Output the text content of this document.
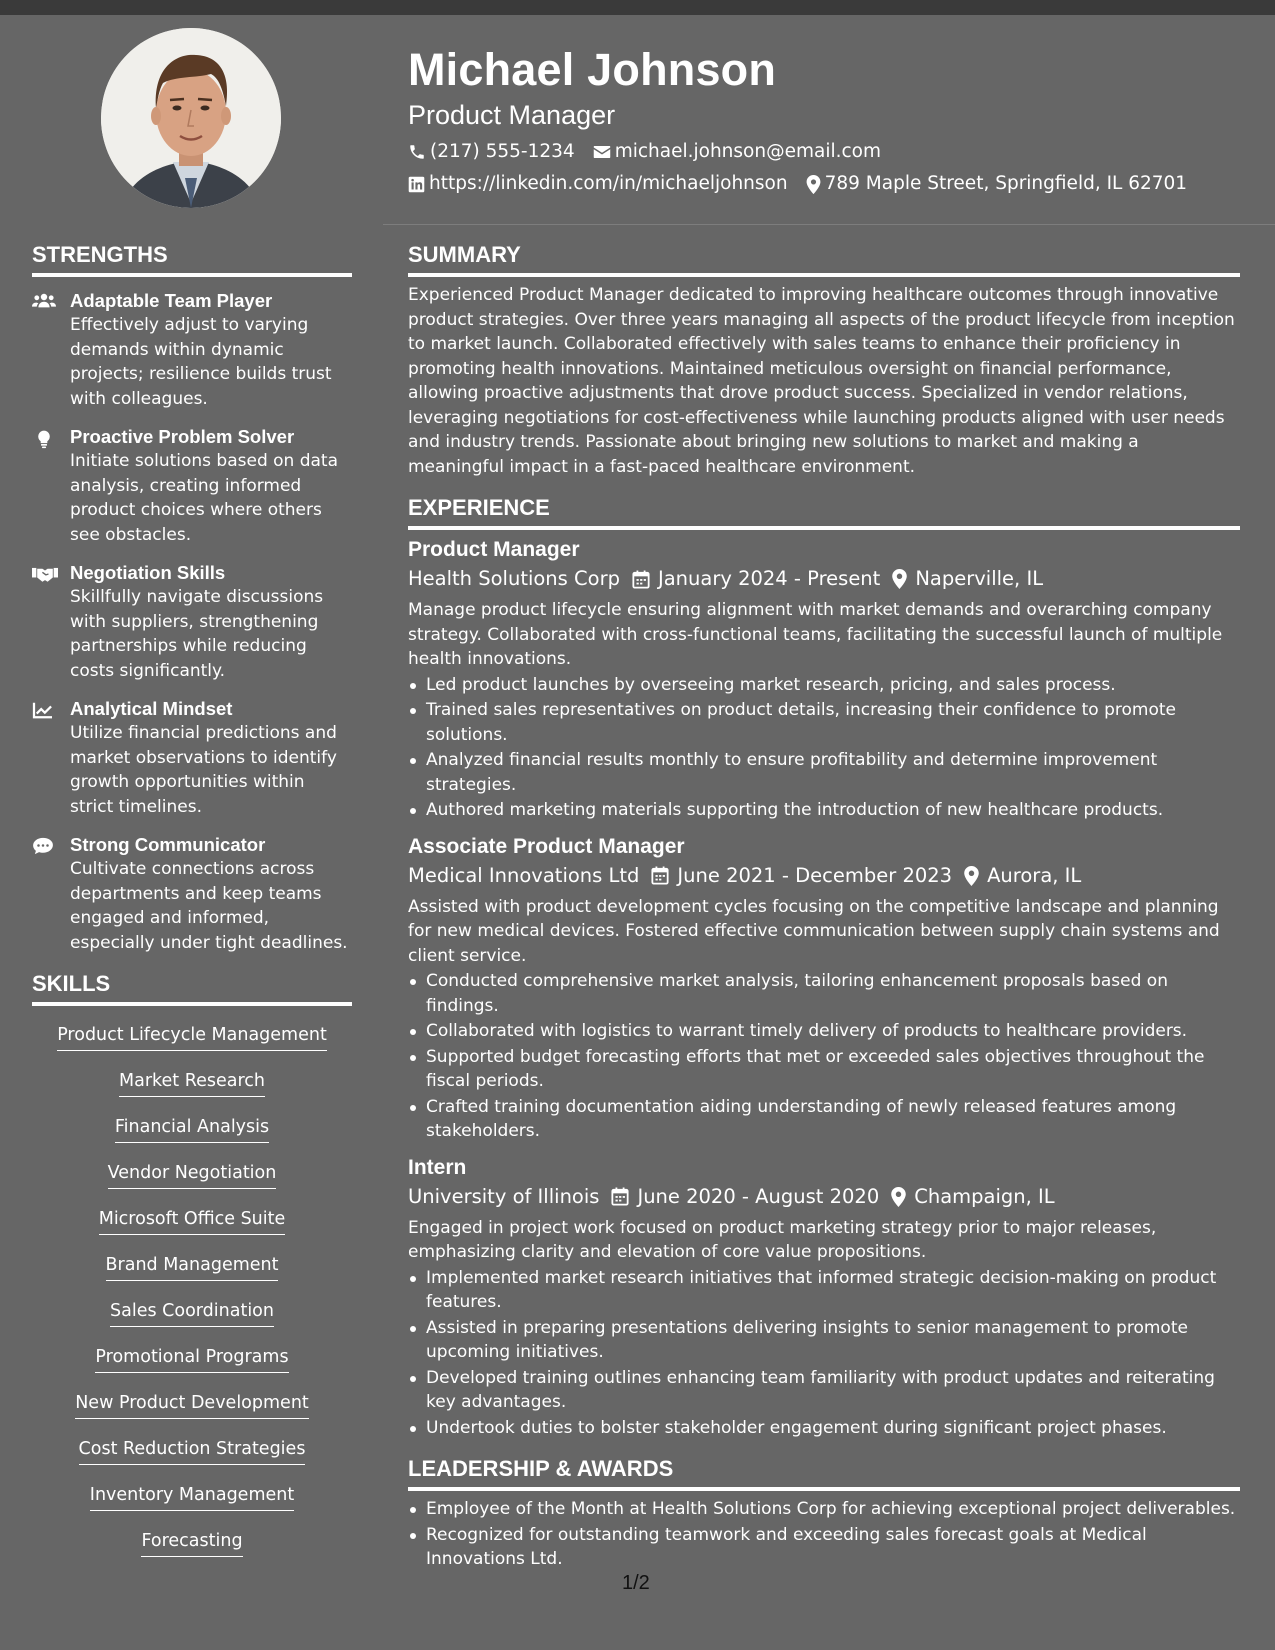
Michael Johnson
Product Manager
(217) 555-1234 michael.johnson@email.com
https://linkedin.com/in/michaeljohnson 789 Maple Street, Springfield, IL 62701
STRENGTHS
Adaptable Team Player
Effectively adjust to varying demands within dynamic projects; resilience builds trust with colleagues.
Proactive Problem Solver
Initiate solutions based on data analysis, creating informed product choices where others see obstacles.
Negotiation Skills
Skillfully navigate discussions with suppliers, strengthening partnerships while reducing costs significantly.
Analytical Mindset
Utilize financial predictions and market observations to identify growth opportunities within strict timelines.
Strong Communicator
Cultivate connections across departments and keep teams engaged and informed, especially under tight deadlines.
SKILLS
Product Lifecycle Management
Market Research
Financial Analysis
Vendor Negotiation
Microsoft Office Suite
Brand Management
Sales Coordination
Promotional Programs
New Product Development
Cost Reduction Strategies
Inventory Management
Forecasting
SUMMARY
Experienced Product Manager dedicated to improving healthcare outcomes through innovative product strategies. Over three years managing all aspects of the product lifecycle from inception to market launch. Collaborated effectively with sales teams to enhance their proficiency in promoting health innovations. Maintained meticulous oversight on financial performance, allowing proactive adjustments that drove product success. Specialized in vendor relations, leveraging negotiations for cost-effectiveness while launching products aligned with user needs and industry trends. Passionate about bringing new solutions to market and making a meaningful impact in a fast-paced healthcare environment.
EXPERIENCE
Product Manager
Health Solutions Corp January 2024 - Present Naperville, IL
Manage product lifecycle ensuring alignment with market demands and overarching company strategy. Collaborated with cross-functional teams, facilitating the successful launch of multiple health innovations.
Led product launches by overseeing market research, pricing, and sales process.
Trained sales representatives on product details, increasing their confidence to promote solutions.
Analyzed financial results monthly to ensure profitability and determine improvement strategies.
Authored marketing materials supporting the introduction of new healthcare products.
Associate Product Manager
Medical Innovations Ltd June 2021 - December 2023 Aurora, IL
Assisted with product development cycles focusing on the competitive landscape and planning for new medical devices. Fostered effective communication between supply chain systems and client service.
Conducted comprehensive market analysis, tailoring enhancement proposals based on findings.
Collaborated with logistics to warrant timely delivery of products to healthcare providers.
Supported budget forecasting efforts that met or exceeded sales objectives throughout the fiscal periods.
Crafted training documentation aiding understanding of newly released features among stakeholders.
Intern
University of Illinois June 2020 - August 2020 Champaign, IL
Engaged in project work focused on product marketing strategy prior to major releases, emphasizing clarity and elevation of core value propositions.
Implemented market research initiatives that informed strategic decision-making on product features.
Assisted in preparing presentations delivering insights to senior management to promote upcoming initiatives.
Developed training outlines enhancing team familiarity with product updates and reiterating key advantages.
Undertook duties to bolster stakeholder engagement during significant project phases.
LEADERSHIP & AWARDS
Employee of the Month at Health Solutions Corp for achieving exceptional project deliverables.
Recognized for outstanding teamwork and exceeding sales forecast goals at Medical Innovations Ltd.
1/2
